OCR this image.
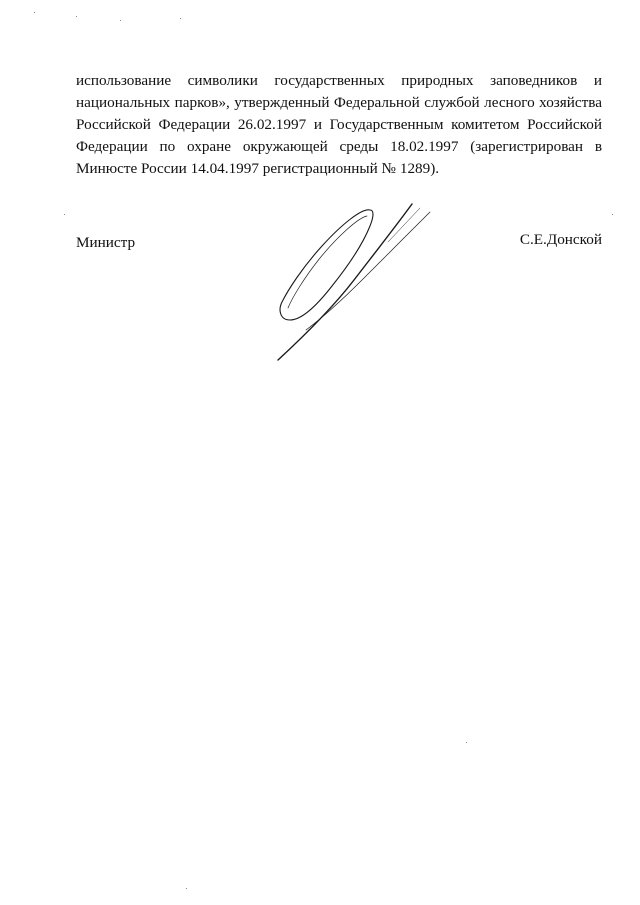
использование символики государственных природных заповедников и
национальных парков», утвержденный Федеральной службой лесного хозяйства
Российской Федерации 26.02.1997 и Государственным комитетом Российской
Федерации по охране окружающей среды 18.02.1997 (зарегистрирован в
Минюсте России 14.04.1997 регистрационный № 1289).
Министр	С.Е.Донской
